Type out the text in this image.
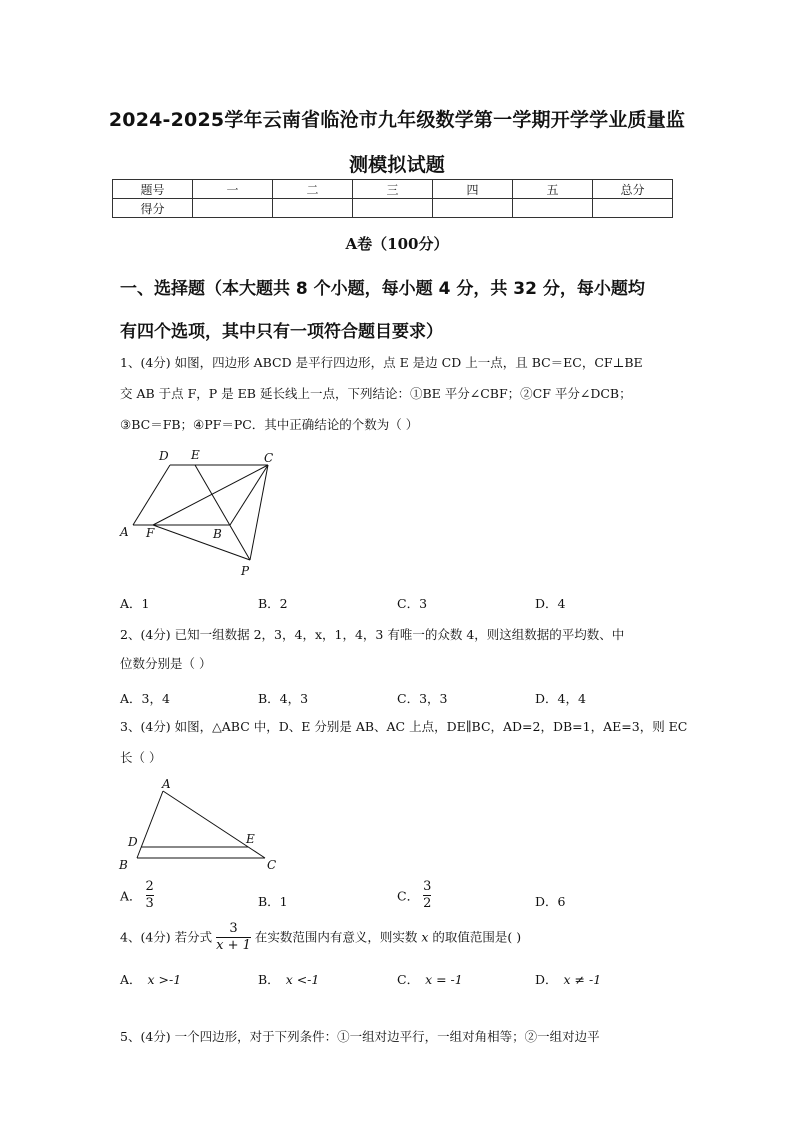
2024-2025学年云南省临沧市九年级数学第一学期开学学业质量监
测模拟试题
题号	一	二	三	四	五	总分
得分						
A卷（100分）
一、选择题（本大题共 8 个小题，每小题 4 分，共 32 分，每小题均
有四个选项，其中只有一项符合题目要求）
1、(4分) 如图，四边形 ABCD 是平行四边形，点 E 是边 CD 上一点，且 BC＝EC，CF⊥BE
交 AB 于点 F，P 是 EB 延长线上一点，下列结论：①BE 平分∠CBF；②CF 平分∠DCB；
③BC＝FB；④PF＝PC．其中正确结论的个数为（ ）
D E	C
A F	B
P
A．1	B．2	C．3	D．4
2、(4分) 已知一组数据 2，3，4，x，1，4，3 有唯一的众数 4，则这组数据的平均数、中
位数分别是（ ）
A．3，4	B．4，3	C．3，3	D．4，4
3、(4分) 如图，△ABC 中，D、E 分别是 AB、AC 上点，DE∥BC，AD=2，DB=1，AE=3，则 EC
长（ ）
A
D	E
B	C
A． $\frac{2}{3}$	B．1	C． $\frac{3}{2}$	D．6
4、(4分) 若分式 $\frac{3}{x + 1}$ 在实数范围内有意义，则实数 x 的取值范围是( )
A． x >-1	B． x <-1	C． x = -1	D． x ≠ -1
5、(4分) 一个四边形，对于下列条件：①一组对边平行，一组对角相等；②一组对边平
